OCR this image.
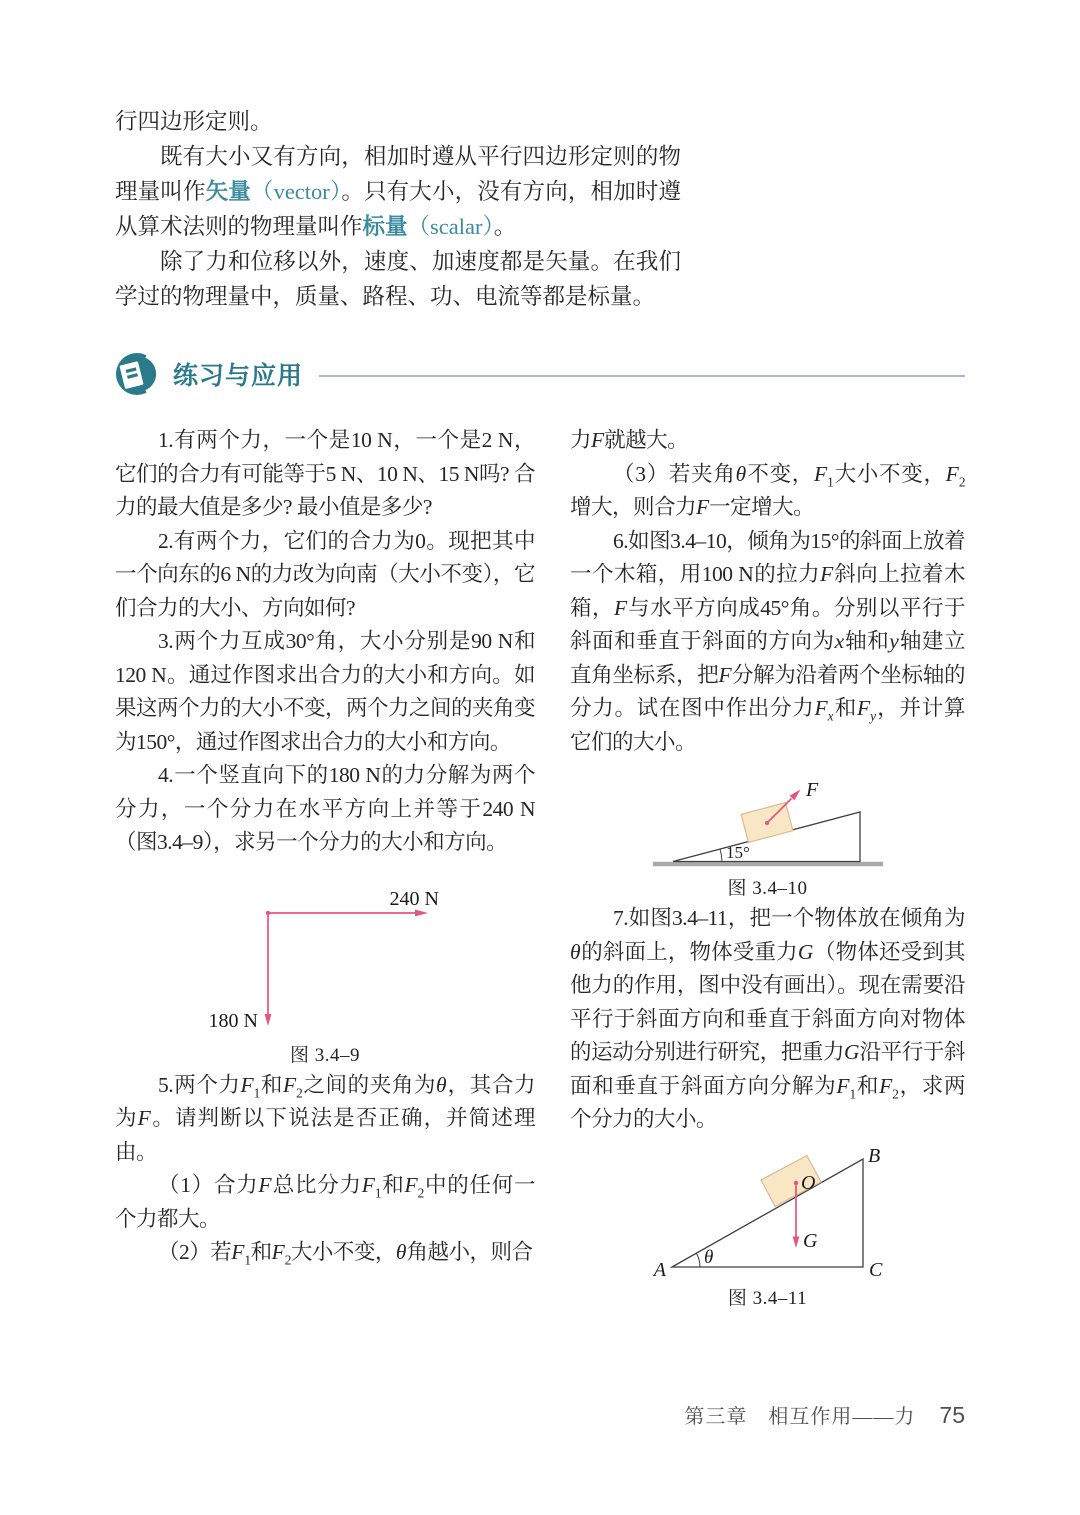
行四边形定则。

既有大小又有方向，相加时遵从平行四边形定则的物理量叫作矢量（vector）。只有大小，没有方向，相加时遵从算术法则的物理量叫作标量（scalar）。

除了力和位移以外，速度、加速度都是矢量。在我们学过的物理量中，质量、路程、功、电流等都是标量。

练习与应用

1.有两个力，一个是10 N，一个是2 N，它们的合力有可能等于5 N、10 N、15 N吗? 合力的最大值是多少? 最小值是多少?

2.有两个力，它们的合力为0。现把其中一个向东的6 N的力改为向南（大小不变），它们合力的大小、方向如何?

3.两个力互成30°角，大小分别是90 N和120 N。通过作图求出合力的大小和方向。如果这两个力的大小不变，两个力之间的夹角变为150°，通过作图求出合力的大小和方向。

4.一个竖直向下的180 N的力分解为两个分力，一个分力在水平方向上并等于240 N（图3.4–9），求另一个分力的大小和方向。

240 N
180 N
图 3.4–9

5.两个力$F_1$和$F_2$之间的夹角为θ，其合力为F。请判断以下说法是否正确，并简述理由。

（1）合力F总比分力$F_1$和$F_2$中的任何一个力都大。

（2）若$F_1$和$F_2$大小不变，θ角越小，则合

力F就越大。

（3）若夹角θ不变，$F_1$大小不变，$F_2$增大，则合力F一定增大。

6.如图3.4–10，倾角为15°的斜面上放着一个木箱，用100 N的拉力F斜向上拉着木箱，F与水平方向成45°角。分别以平行于斜面和垂直于斜面的方向为x轴和y轴建立直角坐标系，把F分解为沿着两个坐标轴的分力。试在图中作出分力$F_x$和$F_y$，并计算它们的大小。

15°
F
图 3.4–10

7.如图3.4–11，把一个物体放在倾角为θ的斜面上，物体受重力G（物体还受到其他力的作用，图中没有画出）。现在需要沿平行于斜面方向和垂直于斜面方向对物体的运动分别进行研究，把重力G沿平行于斜面和垂直于斜面方向分解为$F_1$和$F_2$，求两个分力的大小。

θ
O
G
A
B
C
图 3.4–11
第三章　相互作用——力 75
